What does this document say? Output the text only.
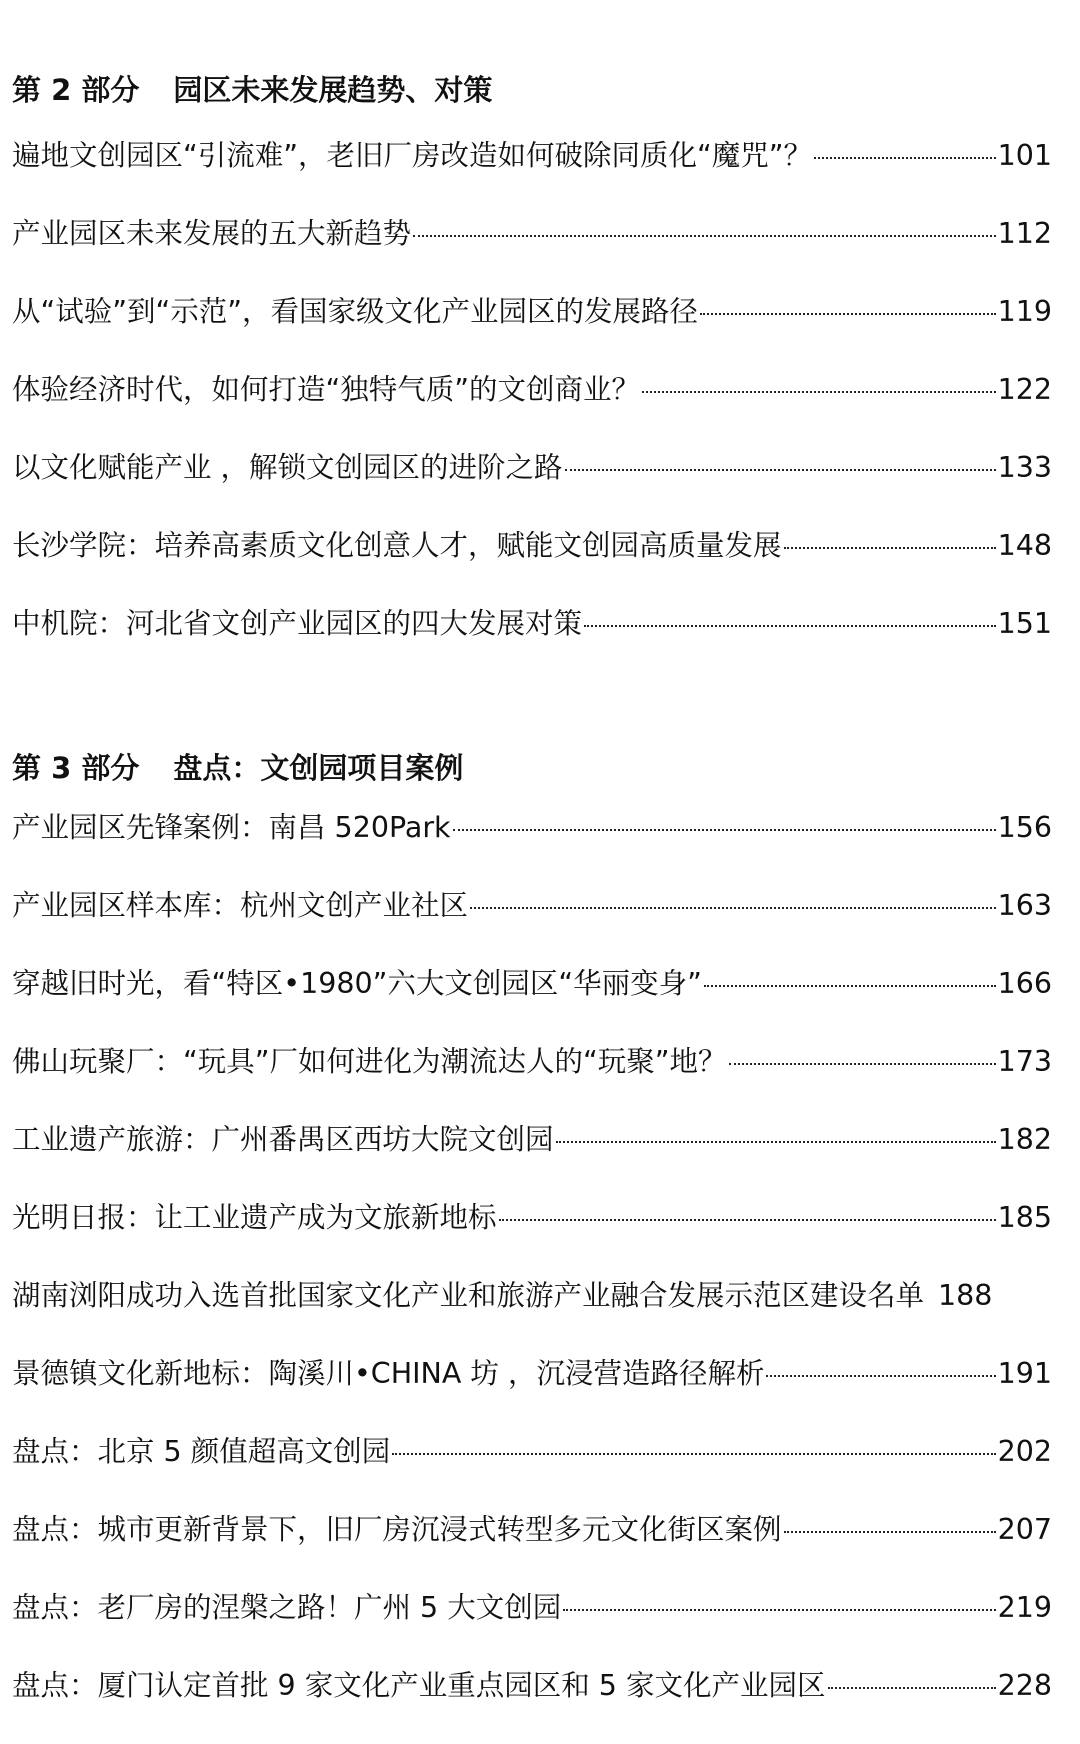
第 2 部分 园区未来发展趋势、对策
遍地文创园区“引流难”，老旧厂房改造如何破除同质化“魔咒”？	101
产业园区未来发展的五大新趋势	112
从“试验”到“示范”，看国家级文化产业园区的发展路径	119
体验经济时代，如何打造“独特气质”的文创商业？	122
以文化赋能产业 ，解锁文创园区的进阶之路	133
长沙学院：培养高素质文化创意人才，赋能文创园高质量发展	148
中机院：河北省文创产业园区的四大发展对策	151
第 3 部分 盘点：文创园项目案例
产业园区先锋案例：南昌 520Park	156
产业园区样本库：杭州文创产业社区	163
穿越旧时光，看“特区•1980”六大文创园区“华丽变身”	166
佛山玩聚厂：“玩具”厂如何进化为潮流达人的“玩聚”地？	173
工业遗产旅游：广州番禺区西坊大院文创园	182
光明日报：让工业遗产成为文旅新地标	185
湖南浏阳成功入选首批国家文化产业和旅游产业融合发展示范区建设名单 188
景德镇文化新地标：陶溪川•CHINA 坊 ，沉浸营造路径解析	191
盘点：北京 5 颜值超高文创园	202
盘点：城市更新背景下，旧厂房沉浸式转型多元文化街区案例	207
盘点：老厂房的涅槃之路！广州 5 大文创园	219
盘点：厦门认定首批 9 家文化产业重点园区和 5 家文化产业园区	228
